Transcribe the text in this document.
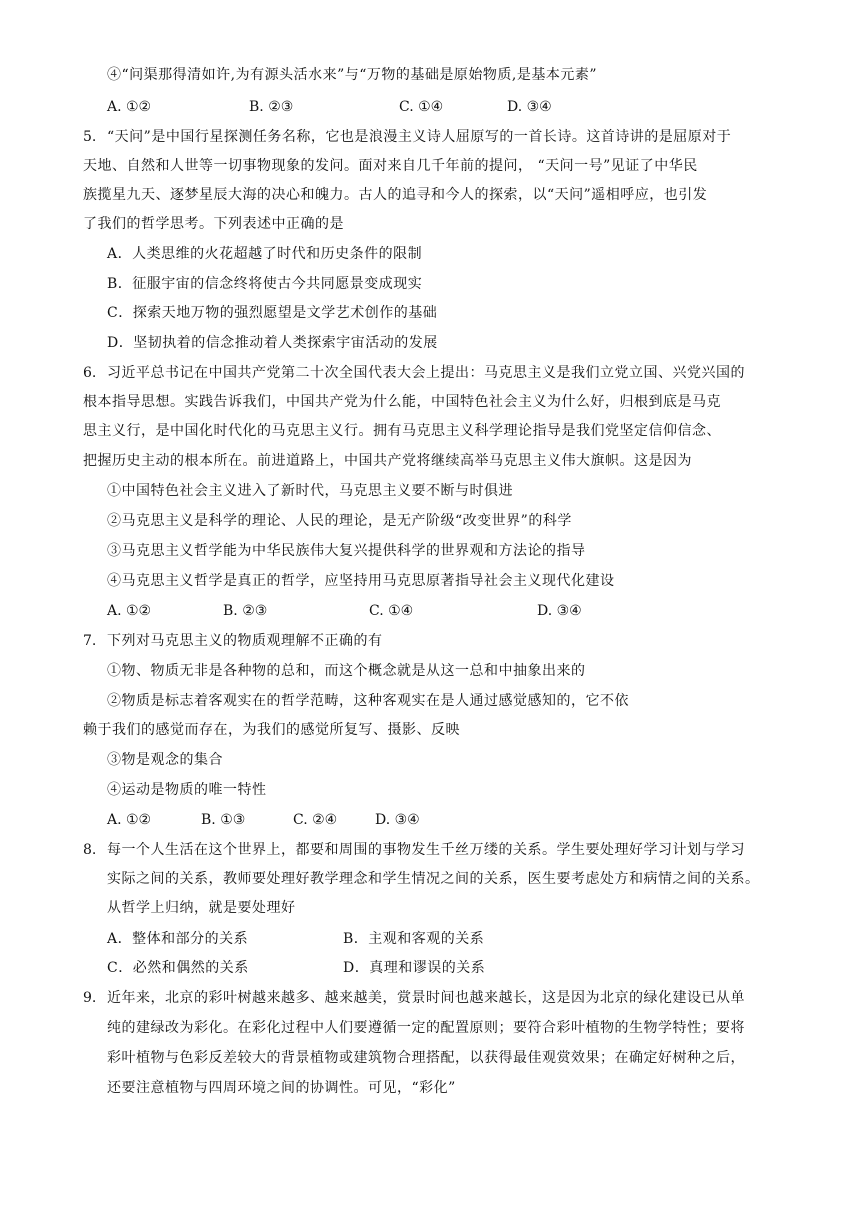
④“问渠那得清如许,为有源头活水来”与“万物的基础是原始物质,是基本元素”
A. ①②	B. ②③	C. ①④	D. ③④
5. “天问”是中国行星探测任务名称，它也是浪漫主义诗人屈原写的一首长诗。这首诗讲的是屈原对于
天地、自然和人世等一切事物现象的发问。面对来自几千年前的提问， “天问一号”见证了中华民
族揽星九天、逐梦星辰大海的决心和魄力。古人的追寻和今人的探索，以“天问”遥相呼应，也引发
了我们的哲学思考。下列表述中正确的是
A．人类思维的火花超越了时代和历史条件的限制
B．征服宇宙的信念终将使古今共同愿景变成现实
C．探索天地万物的强烈愿望是文学艺术创作的基础
D．坚韧执着的信念推动着人类探索宇宙活动的发展
6. 习近平总书记在中国共产党第二十次全国代表大会上提出：马克思主义是我们立党立国、兴党兴国的
根本指导思想。实践告诉我们，中国共产党为什么能，中国特色社会主义为什么好，归根到底是马克
思主义行，是中国化时代化的马克思主义行。拥有马克思主义科学理论指导是我们党坚定信仰信念、
把握历史主动的根本所在。前进道路上，中国共产党将继续高举马克思主义伟大旗帜。这是因为
①中国特色社会主义进入了新时代，马克思主义要不断与时俱进
②马克思主义是科学的理论、人民的理论，是无产阶级“改变世界”的科学
③马克思主义哲学能为中华民族伟大复兴提供科学的世界观和方法论的指导
④马克思主义哲学是真正的哲学，应坚持用马克思原著指导社会主义现代化建设
A. ①②	B. ②③	C. ①④	D. ③④
7. 下列对马克思主义的物质观理解不正确的有
①物、物质无非是各种物的总和，而这个概念就是从这一总和中抽象出来的
②物质是标志着客观实在的哲学范畴，这种客观实在是人通过感觉感知的，它不依
赖于我们的感觉而存在，为我们的感觉所复写、摄影、反映
③物是观念的集合
④运动是物质的唯一特性
A. ①②	B. ①③	C. ②④	D. ③④
8. 每一个人生活在这个世界上，都要和周围的事物发生千丝万缕的关系。学生要处理好学习计划与学习
实际之间的关系，教师要处理好教学理念和学生情况之间的关系，医生要考虑处方和病情之间的关系。
从哲学上归纳，就是要处理好
A．整体和部分的关系	B．主观和客观的关系
C．必然和偶然的关系	D．真理和谬误的关系
9. 近年来，北京的彩叶树越来越多、越来越美，赏景时间也越来越长，这是因为北京的绿化建设已从单
纯的建绿改为彩化。在彩化过程中人们要遵循一定的配置原则；要符合彩叶植物的生物学特性；要将
彩叶植物与色彩反差较大的背景植物或建筑物合理搭配，以获得最佳观赏效果；在确定好树种之后，
还要注意植物与四周环境之间的协调性。可见，“彩化”
